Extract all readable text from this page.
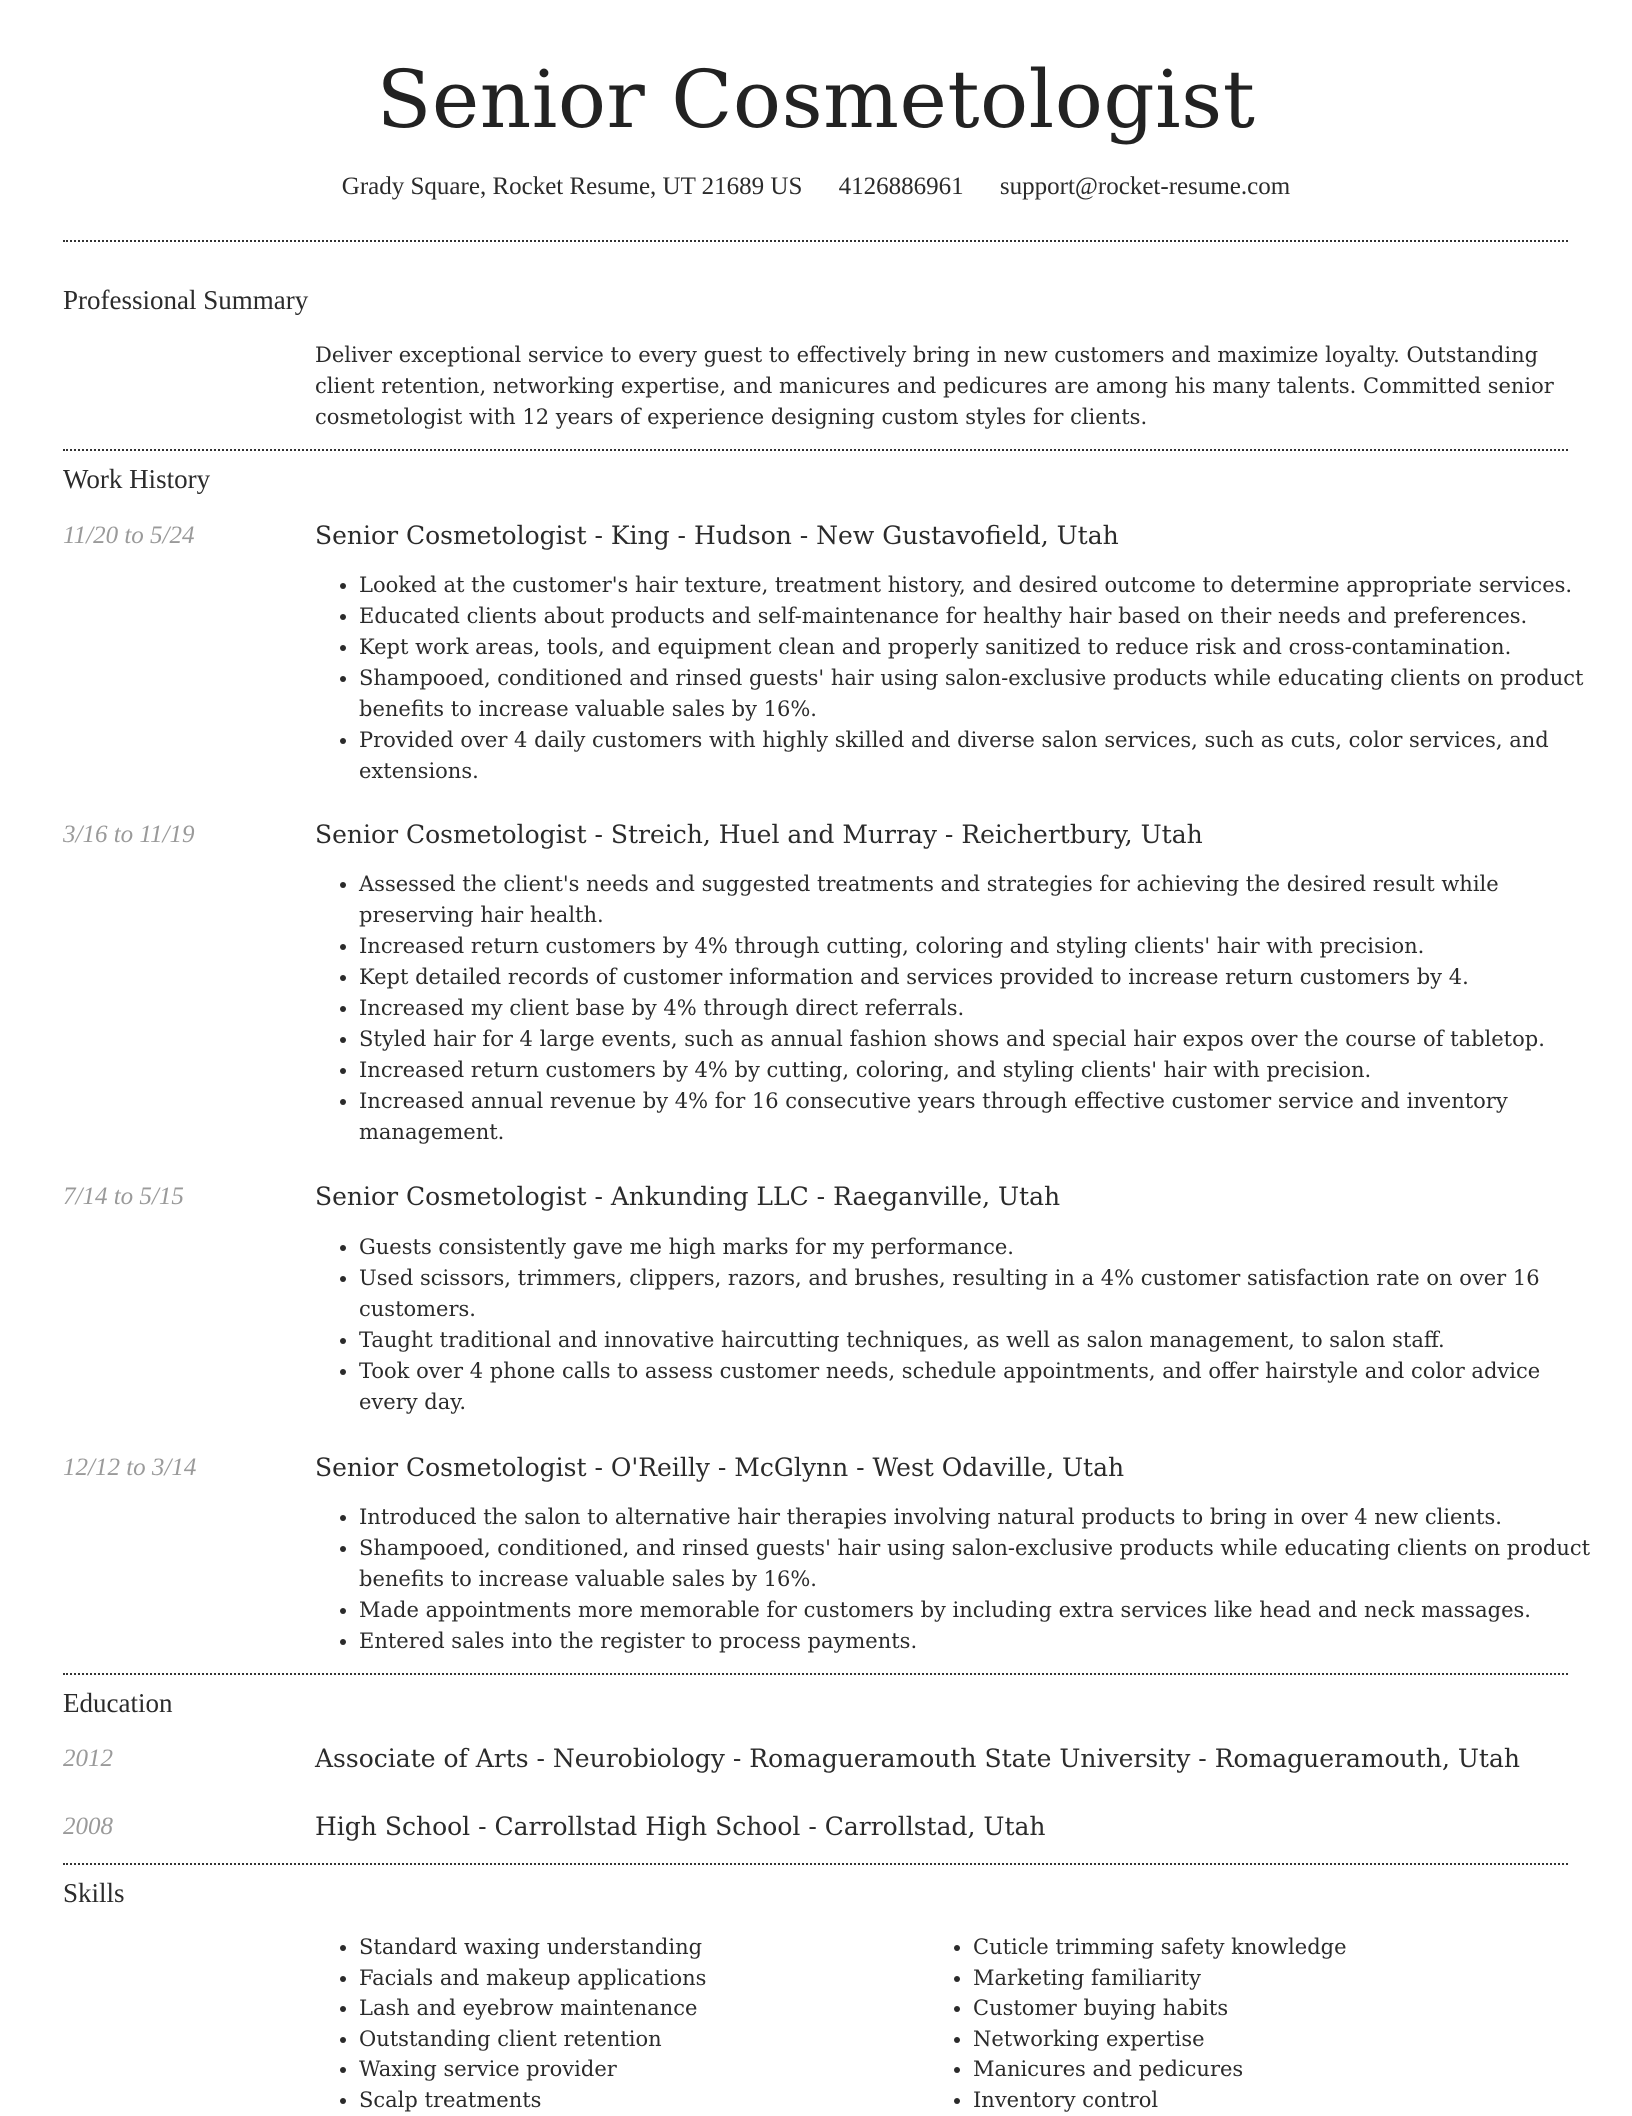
Senior Cosmetologist
Grady Square, Rocket Resume, UT 21689 US 4126886961 support@rocket-resume.com
Professional Summary

Deliver exceptional service to every guest to effectively bring in new customers and maximize loyalty. Outstanding client retention, networking expertise, and manicures and pedicures are among his many talents. Committed senior cosmetologist with 12 years of experience designing custom styles for clients.

Work History
11/20 to 5/24	Senior Cosmetologist - King - Hudson - New Gustavofield, Utah
• Looked at the customer's hair texture, treatment history, and desired outcome to determine appropriate services.
• Educated clients about products and self-maintenance for healthy hair based on their needs and preferences.
• Kept work areas, tools, and equipment clean and properly sanitized to reduce risk and cross-contamination.
• Shampooed, conditioned and rinsed guests' hair using salon-exclusive products while educating clients on product benefits to increase valuable sales by 16%.
• Provided over 4 daily customers with highly skilled and diverse salon services, such as cuts, color services, and extensions.
3/16 to 11/19	Senior Cosmetologist - Streich, Huel and Murray - Reichertbury, Utah
• Assessed the client's needs and suggested treatments and strategies for achieving the desired result while preserving hair health.
• Increased return customers by 4% through cutting, coloring and styling clients' hair with precision.
• Kept detailed records of customer information and services provided to increase return customers by 4.
• Increased my client base by 4% through direct referrals.
• Styled hair for 4 large events, such as annual fashion shows and special hair expos over the course of tabletop.
• Increased return customers by 4% by cutting, coloring, and styling clients' hair with precision.
• Increased annual revenue by 4% for 16 consecutive years through effective customer service and inventory management.
7/14 to 5/15	Senior Cosmetologist - Ankunding LLC - Raeganville, Utah
• Guests consistently gave me high marks for my performance.
• Used scissors, trimmers, clippers, razors, and brushes, resulting in a 4% customer satisfaction rate on over 16 customers.
• Taught traditional and innovative haircutting techniques, as well as salon management, to salon staff.
• Took over 4 phone calls to assess customer needs, schedule appointments, and offer hairstyle and color advice every day.
12/12 to 3/14	Senior Cosmetologist - O'Reilly - McGlynn - West Odaville, Utah
• Introduced the salon to alternative hair therapies involving natural products to bring in over 4 new clients.
• Shampooed, conditioned, and rinsed guests' hair using salon-exclusive products while educating clients on product benefits to increase valuable sales by 16%.
• Made appointments more memorable for customers by including extra services like head and neck massages.
• Entered sales into the register to process payments.
Education
2012	Associate of Arts - Neurobiology - Romagueramouth State University - Romagueramouth, Utah
2008	High School - Carrollstad High School - Carrollstad, Utah
Skills
• Standard waxing understanding
• Facials and makeup applications
• Lash and eyebrow maintenance
• Outstanding client retention
• Waxing service provider
• Scalp treatments
• Cuticle trimming safety knowledge
• Marketing familiarity
• Customer buying habits
• Networking expertise
• Manicures and pedicures
• Inventory control
